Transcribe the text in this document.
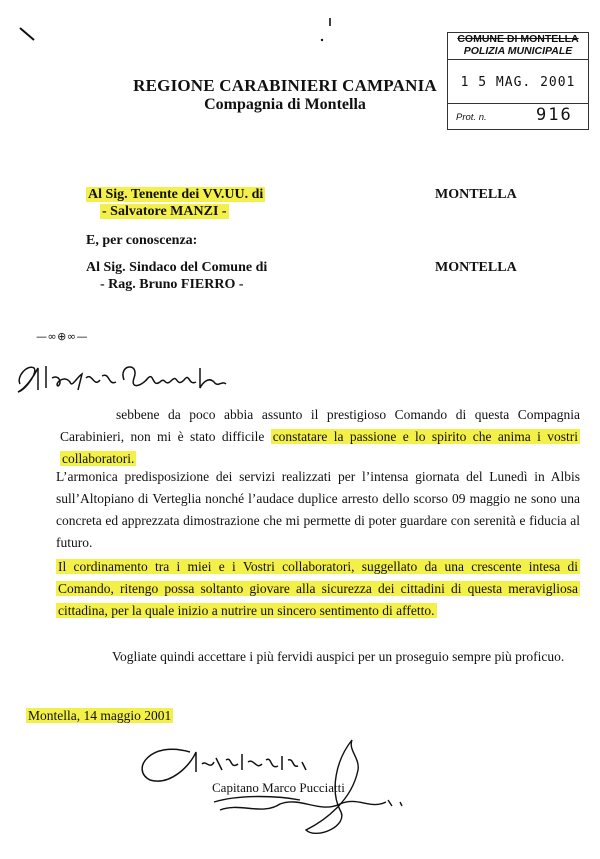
REGIONE CARABINIERI CAMPANIA
Compagnia di Montella
COMUNE DI MONTELLA
POLIZIA MUNICIPALE
1 5 MAG. 2001
Prot. n.	916
Al Sig. Tenente dei VV.UU. di
- Salvatore MANZI -
MONTELLA
E, per conoscenza:
Al Sig. Sindaco del Comune di
- Rag. Bruno FIERRO -
MONTELLA
—∞⊕∞—
Illustre Comandante,
sebbene da poco abbia assunto il prestigioso Comando di questa Compagnia Carabinieri, non mi è stato difficile constatare la passione e lo spirito che anima i vostri collaboratori.
L’armonica predisposizione dei servizi realizzati per l’intensa giornata del Lunedì in Albis sull’Altopiano di Verteglia nonché l’audace duplice arresto dello scorso 09 maggio ne sono una concreta ed apprezzata dimostrazione che mi permette di poter guardare con serenità e fiducia al futuro.
Il cordinamento tra i miei e i Vostri collaboratori, suggellato da una crescente intesa di Comando, ritengo possa soltanto giovare alla sicurezza dei cittadini di questa meravigliosa cittadina, per la quale inizio a nutrire un sincero sentimento di affetto.
Vogliate quindi accettare i più fervidi auspici per un proseguio sempre più proficuo.
Montella, 14 maggio 2001
Distinti saluti,
Capitano Marco Pucciatti
